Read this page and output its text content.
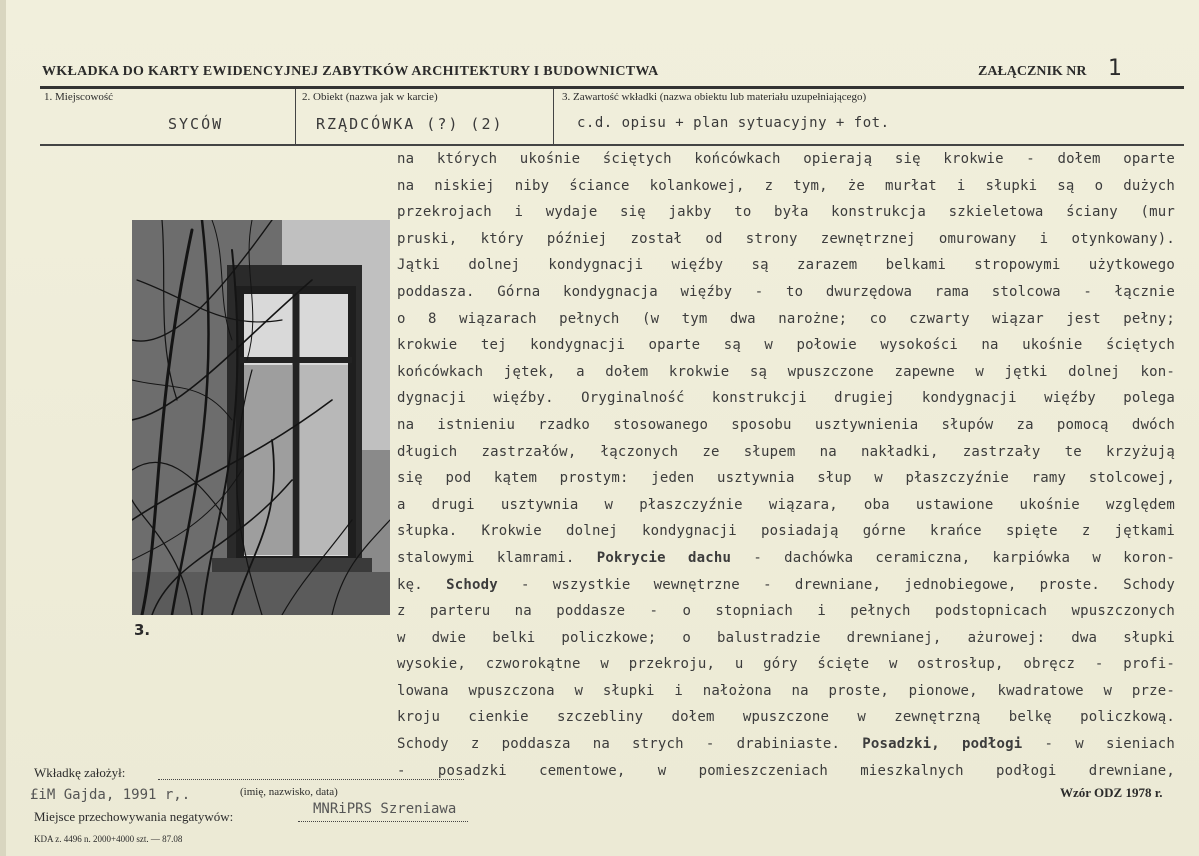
WKŁADKA DO KARTY EWIDENCYJNEJ ZABYTKÓW ARCHITEKTURY I BUDOWNICTWA	ZAŁĄCZNIK NR 1
1. Miejscowość
SYCÓW
2. Obiekt (nazwa jak w karcie)
RZĄDCÓWKA (?) (2)
3. Zawartość wkładki (nazwa obiektu lub materiału uzupełniającego)
c.d. opisu + plan sytuacyjny + fot.
3.
na których ukośnie ściętych końcówkach opierają się krokwie - dołem oparte
na niskiej niby ściance kolankowej, z tym, że murłat i słupki są o dużych
przekrojach i wydaje się jakby to była konstrukcja szkieletowa ściany (mur
pruski, który później został od strony zewnętrznej omurowany i otynkowany).
Jątki dolnej kondygnacji więźby są zarazem belkami stropowymi użytkowego
poddasza. Górna kondygnacja więźby - to dwurzędowa rama stolcowa - łącznie
o 8 wiązarach pełnych (w tym dwa narożne; co czwarty wiązar jest pełny;
krokwie tej kondygnacji oparte są w połowie wysokości na ukośnie ściętych
końcówkach jętek, a dołem krokwie są wpuszczone zapewne w jętki dolnej kon-
dygnacji więźby. Oryginalność konstrukcji drugiej kondygnacji więźby polega
na istnieniu rzadko stosowanego sposobu usztywnienia słupów za pomocą dwóch
długich zastrzałów, łączonych ze słupem na nakładki, zastrzały te krzyżują
się pod kątem prostym: jeden usztywnia słup w płaszczyźnie ramy stolcowej,
a drugi usztywnia w płaszczyźnie wiązara, oba ustawione ukośnie względem
słupka. Krokwie dolnej kondygnacji posiadają górne krańce spięte z jętkami
stalowymi klamrami. Pokrycie dachu - dachówka ceramiczna, karpiówka w koron-
kę. Schody - wszystkie wewnętrzne - drewniane, jednobiegowe, proste. Schody
z parteru na poddasze - o stopniach i pełnych podstopnicach wpuszczonych
w dwie belki policzkowe; o balustradzie drewnianej, ażurowej: dwa słupki
wysokie, czworokątne w przekroju, u góry ścięte w ostrosłup, obręcz - profi-
lowana wpuszczona w słupki i nałożona na proste, pionowe, kwadratowe w prze-
kroju cienkie szczebliny dołem wpuszczone w zewnętrzną belkę policzkową.
Schody z poddasza na strych - drabiniaste. Posadzki, podłogi - w sieniach
- posadzki cementowe, w pomieszczeniach mieszkalnych podłogi drewniane,
Wkładkę założył:
£iM Gajda, 1991 r,.	(imię, nazwisko, data)
Miejsce przechowywania negatywów:	MNRiPRS Szreniawa
Wzór ODZ 1978 r.
KDA z. 4496 n. 2000+4000 szt. — 87.08
